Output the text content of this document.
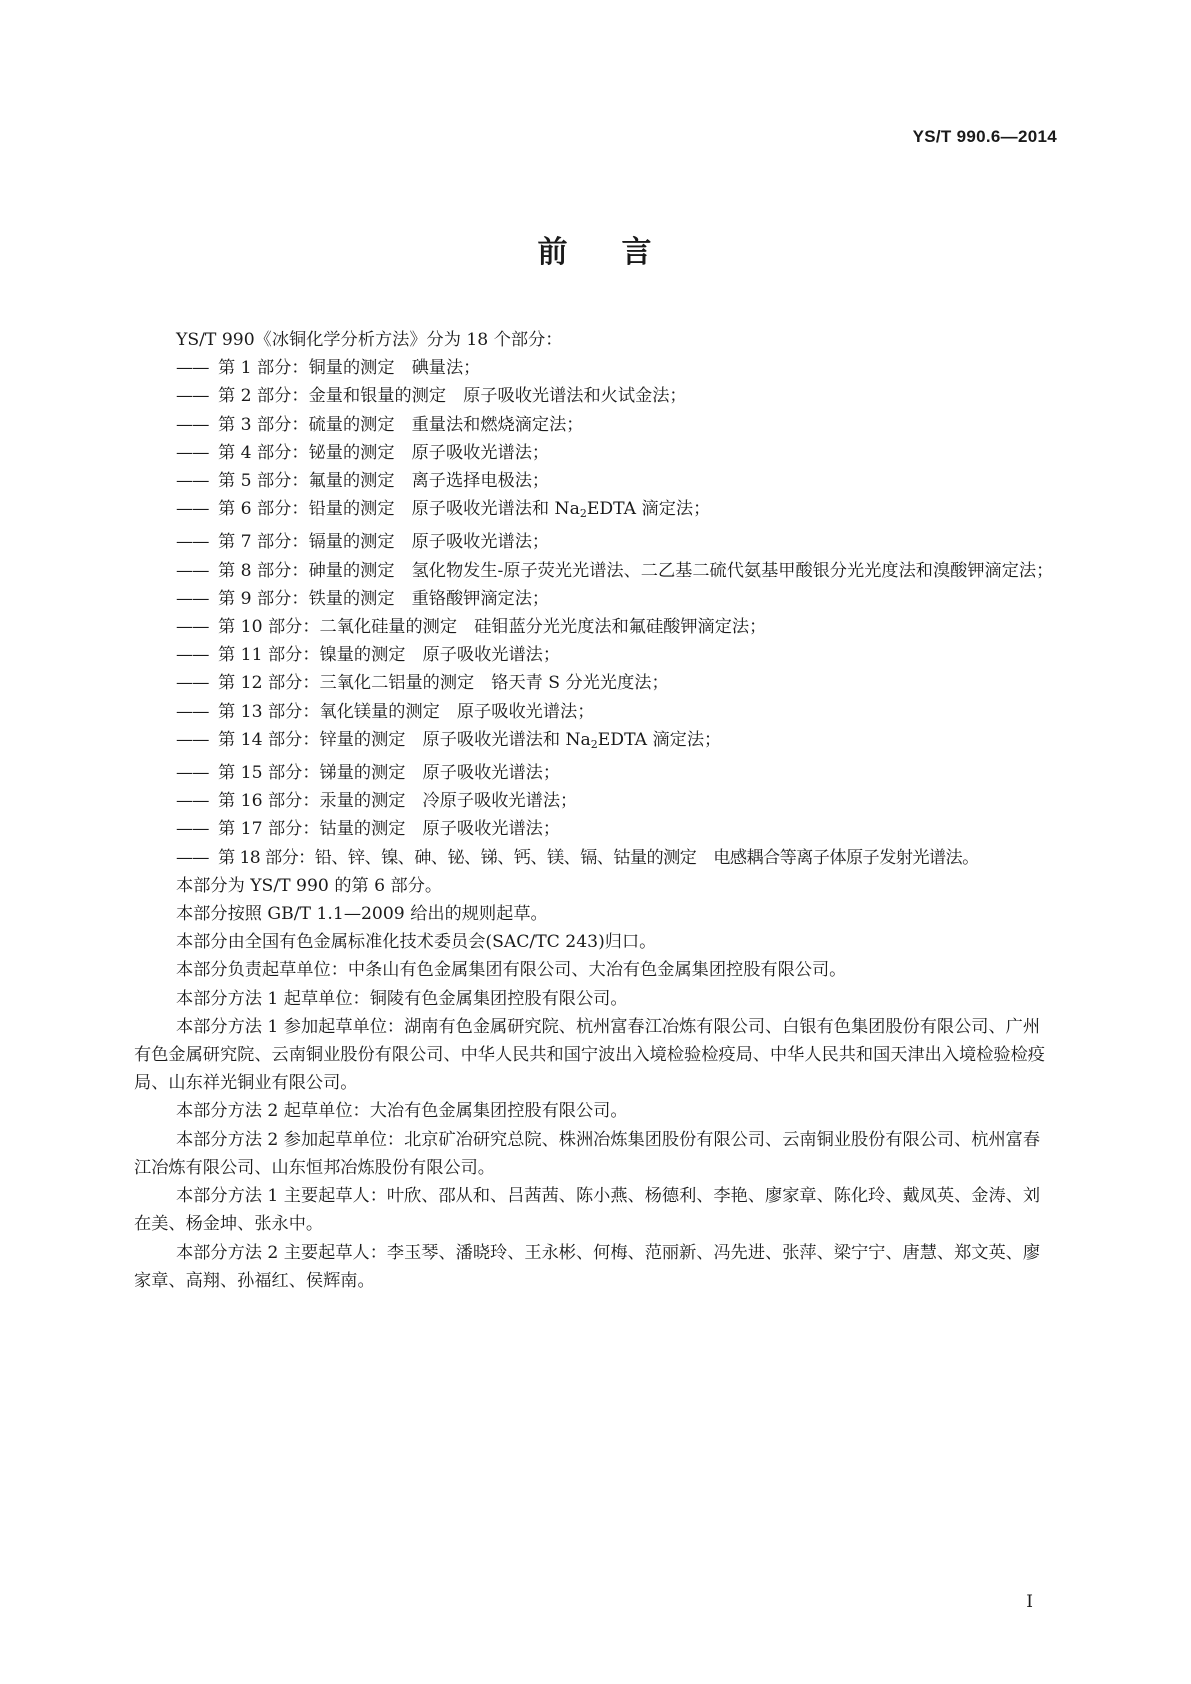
YS/T 990.6—2014
前 言

YS/T 990《冰铜化学分析方法》分为 18 个部分：

—— 第 1 部分：铜量的测定 碘量法；

—— 第 2 部分：金量和银量的测定 原子吸收光谱法和火试金法；

—— 第 3 部分：硫量的测定 重量法和燃烧滴定法；

—— 第 4 部分：铋量的测定 原子吸收光谱法；

—— 第 5 部分：氟量的测定 离子选择电极法；

—— 第 6 部分：铅量的测定 原子吸收光谱法和 $Na_2EDTA$ 滴定法；

—— 第 7 部分：镉量的测定 原子吸收光谱法；

—— 第 8 部分：砷量的测定 氢化物发生-原子荧光光谱法、二乙基二硫代氨基甲酸银分光光度法和溴酸钾滴定法；

—— 第 9 部分：铁量的测定 重铬酸钾滴定法；

—— 第 10 部分：二氧化硅量的测定 硅钼蓝分光光度法和氟硅酸钾滴定法；

—— 第 11 部分：镍量的测定 原子吸收光谱法；

—— 第 12 部分：三氧化二铝量的测定 铬天青 S 分光光度法；

—— 第 13 部分：氧化镁量的测定 原子吸收光谱法；

—— 第 14 部分：锌量的测定 原子吸收光谱法和 $Na_2EDTA$ 滴定法；

—— 第 15 部分：锑量的测定 原子吸收光谱法；

—— 第 16 部分：汞量的测定 冷原子吸收光谱法；

—— 第 17 部分：钴量的测定 原子吸收光谱法；

—— 第 18 部分：铅、锌、镍、砷、铋、锑、钙、镁、镉、钴量的测定 电感耦合等离子体原子发射光谱法。

本部分为 YS/T 990 的第 6 部分。

本部分按照 GB/T 1.1—2009 给出的规则起草。

本部分由全国有色金属标准化技术委员会(SAC/TC 243)归口。

本部分负责起草单位：中条山有色金属集团有限公司、大冶有色金属集团控股有限公司。

本部分方法 1 起草单位：铜陵有色金属集团控股有限公司。

本部分方法 1 参加起草单位：湖南有色金属研究院、杭州富春江冶炼有限公司、白银有色集团股份有限公司、广州有色金属研究院、云南铜业股份有限公司、中华人民共和国宁波出入境检验检疫局、中华人民共和国天津出入境检验检疫局、山东祥光铜业有限公司。

本部分方法 2 起草单位：大冶有色金属集团控股有限公司。

本部分方法 2 参加起草单位：北京矿冶研究总院、株洲冶炼集团股份有限公司、云南铜业股份有限公司、杭州富春江冶炼有限公司、山东恒邦冶炼股份有限公司。

本部分方法 1 主要起草人：叶欣、邵从和、吕茜茜、陈小燕、杨德利、李艳、廖家章、陈化玲、戴凤英、金涛、刘在美、杨金坤、张永中。

本部分方法 2 主要起草人：李玉琴、潘晓玲、王永彬、何梅、范丽新、冯先进、张萍、梁宁宁、唐慧、郑文英、廖家章、高翔、孙福红、侯辉南。

I
